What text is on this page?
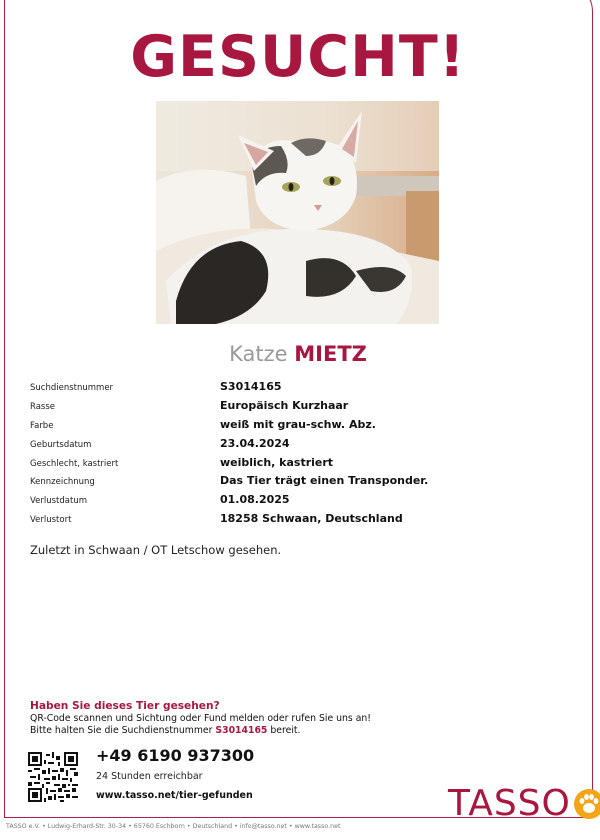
GESUCHT!
Katze MIETZ
Suchdienstnummer	S3014165
Rasse	Europäisch Kurzhaar
Farbe	weiß mit grau-schw. Abz.
Geburtsdatum	23.04.2024
Geschlecht, kastriert	weiblich, kastriert
Kennzeichnung	Das Tier trägt einen Transponder.
Verlustdatum	01.08.2025
Verlustort	18258 Schwaan, Deutschland
Zuletzt in Schwaan / OT Letschow gesehen.
Haben Sie dieses Tier gesehen?
QR-Code scannen und Sichtung oder Fund melden oder rufen Sie uns an!
Bitte halten Sie die Suchdienstnummer S3014165 bereit.
+49 6190 937300
24 Stunden erreichbar
www.tasso.net/tier-gefunden	TASSO
TASSO e.V. • Ludwig-Erhard-Str. 30-34 • 65760 Eschborn • Deutschland • info@tasso.net • www.tasso.net
